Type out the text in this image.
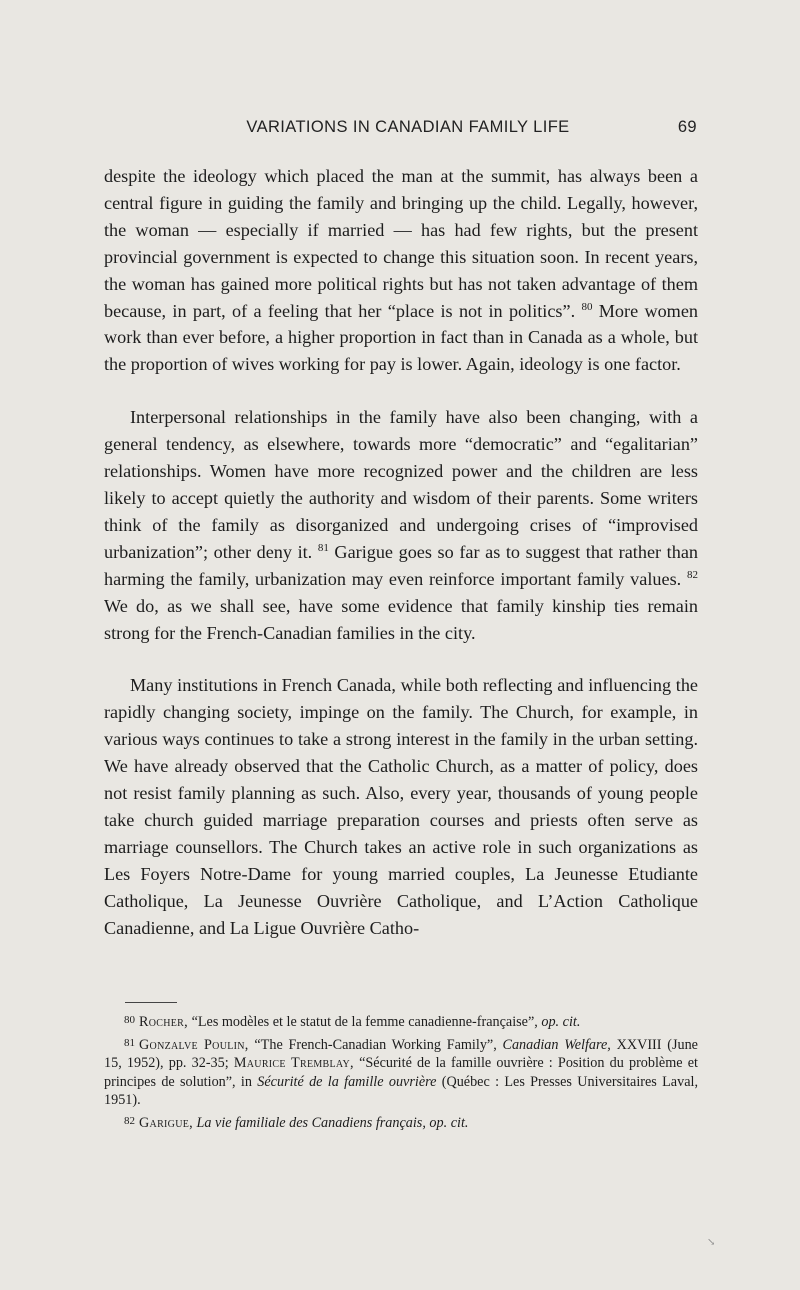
VARIATIONS IN CANADIAN FAMILY LIFE	69

despite the ideology which placed the man at the summit, has always been a central figure in guiding the family and bringing up the child. Legally, however, the woman — especially if married — has had few rights, but the present provincial government is expected to change this situation soon. In recent years, the woman has gained more political rights but has not taken advantage of them because, in part, of a feeling that her “place is not in politics”. $^{80}$ More women work than ever before, a higher proportion in fact than in Canada as a whole, but the proportion of wives working for pay is lower. Again, ideology is one factor.

Interpersonal relationships in the family have also been changing, with a general tendency, as elsewhere, towards more “democratic” and “egalitarian” relationships. Women have more recognized power and the children are less likely to accept quietly the authority and wisdom of their parents. Some writers think of the family as disorganized and undergoing crises of “improvised urbanization”; other deny it. $^{81}$ Garigue goes so far as to suggest that rather than harming the family, urbanization may even reinforce important family values. $^{82}$ We do, as we shall see, have some evidence that family kinship ties remain strong for the French-Canadian families in the city.

Many institutions in French Canada, while both reflecting and influencing the rapidly changing society, impinge on the family. The Church, for example, in various ways continues to take a strong interest in the family in the urban setting. We have already observed that the Catholic Church, as a matter of policy, does not resist family planning as such. Also, every year, thousands of young people take church guided marriage preparation courses and priests often serve as marriage counsellors. The Church takes an active role in such organizations as Les Foyers Notre-Dame for young married couples, La Jeunesse Etudiante Catholique, La Jeunesse Ouvrière Catholique, and L’Action Catholique Canadienne, and La Ligue Ouvrière Catho-

$^{80}$ Rocher, “Les modèles et le statut de la femme canadienne-française”, op. cit.

$^{81}$ Gonzalve Poulin, “The French-Canadian Working Family”, Canadian Welfare, XXVIII (June 15, 1952), pp. 32-35; Maurice Tremblay, “Sécurité de la famille ouvrière : Position du problème et principes de solution”, in Sécurité de la famille ouvrière (Québec : Les Presses Universitaires Laval, 1951).

$^{82}$ Garigue, La vie familiale des Canadiens français, op. cit.

↘
